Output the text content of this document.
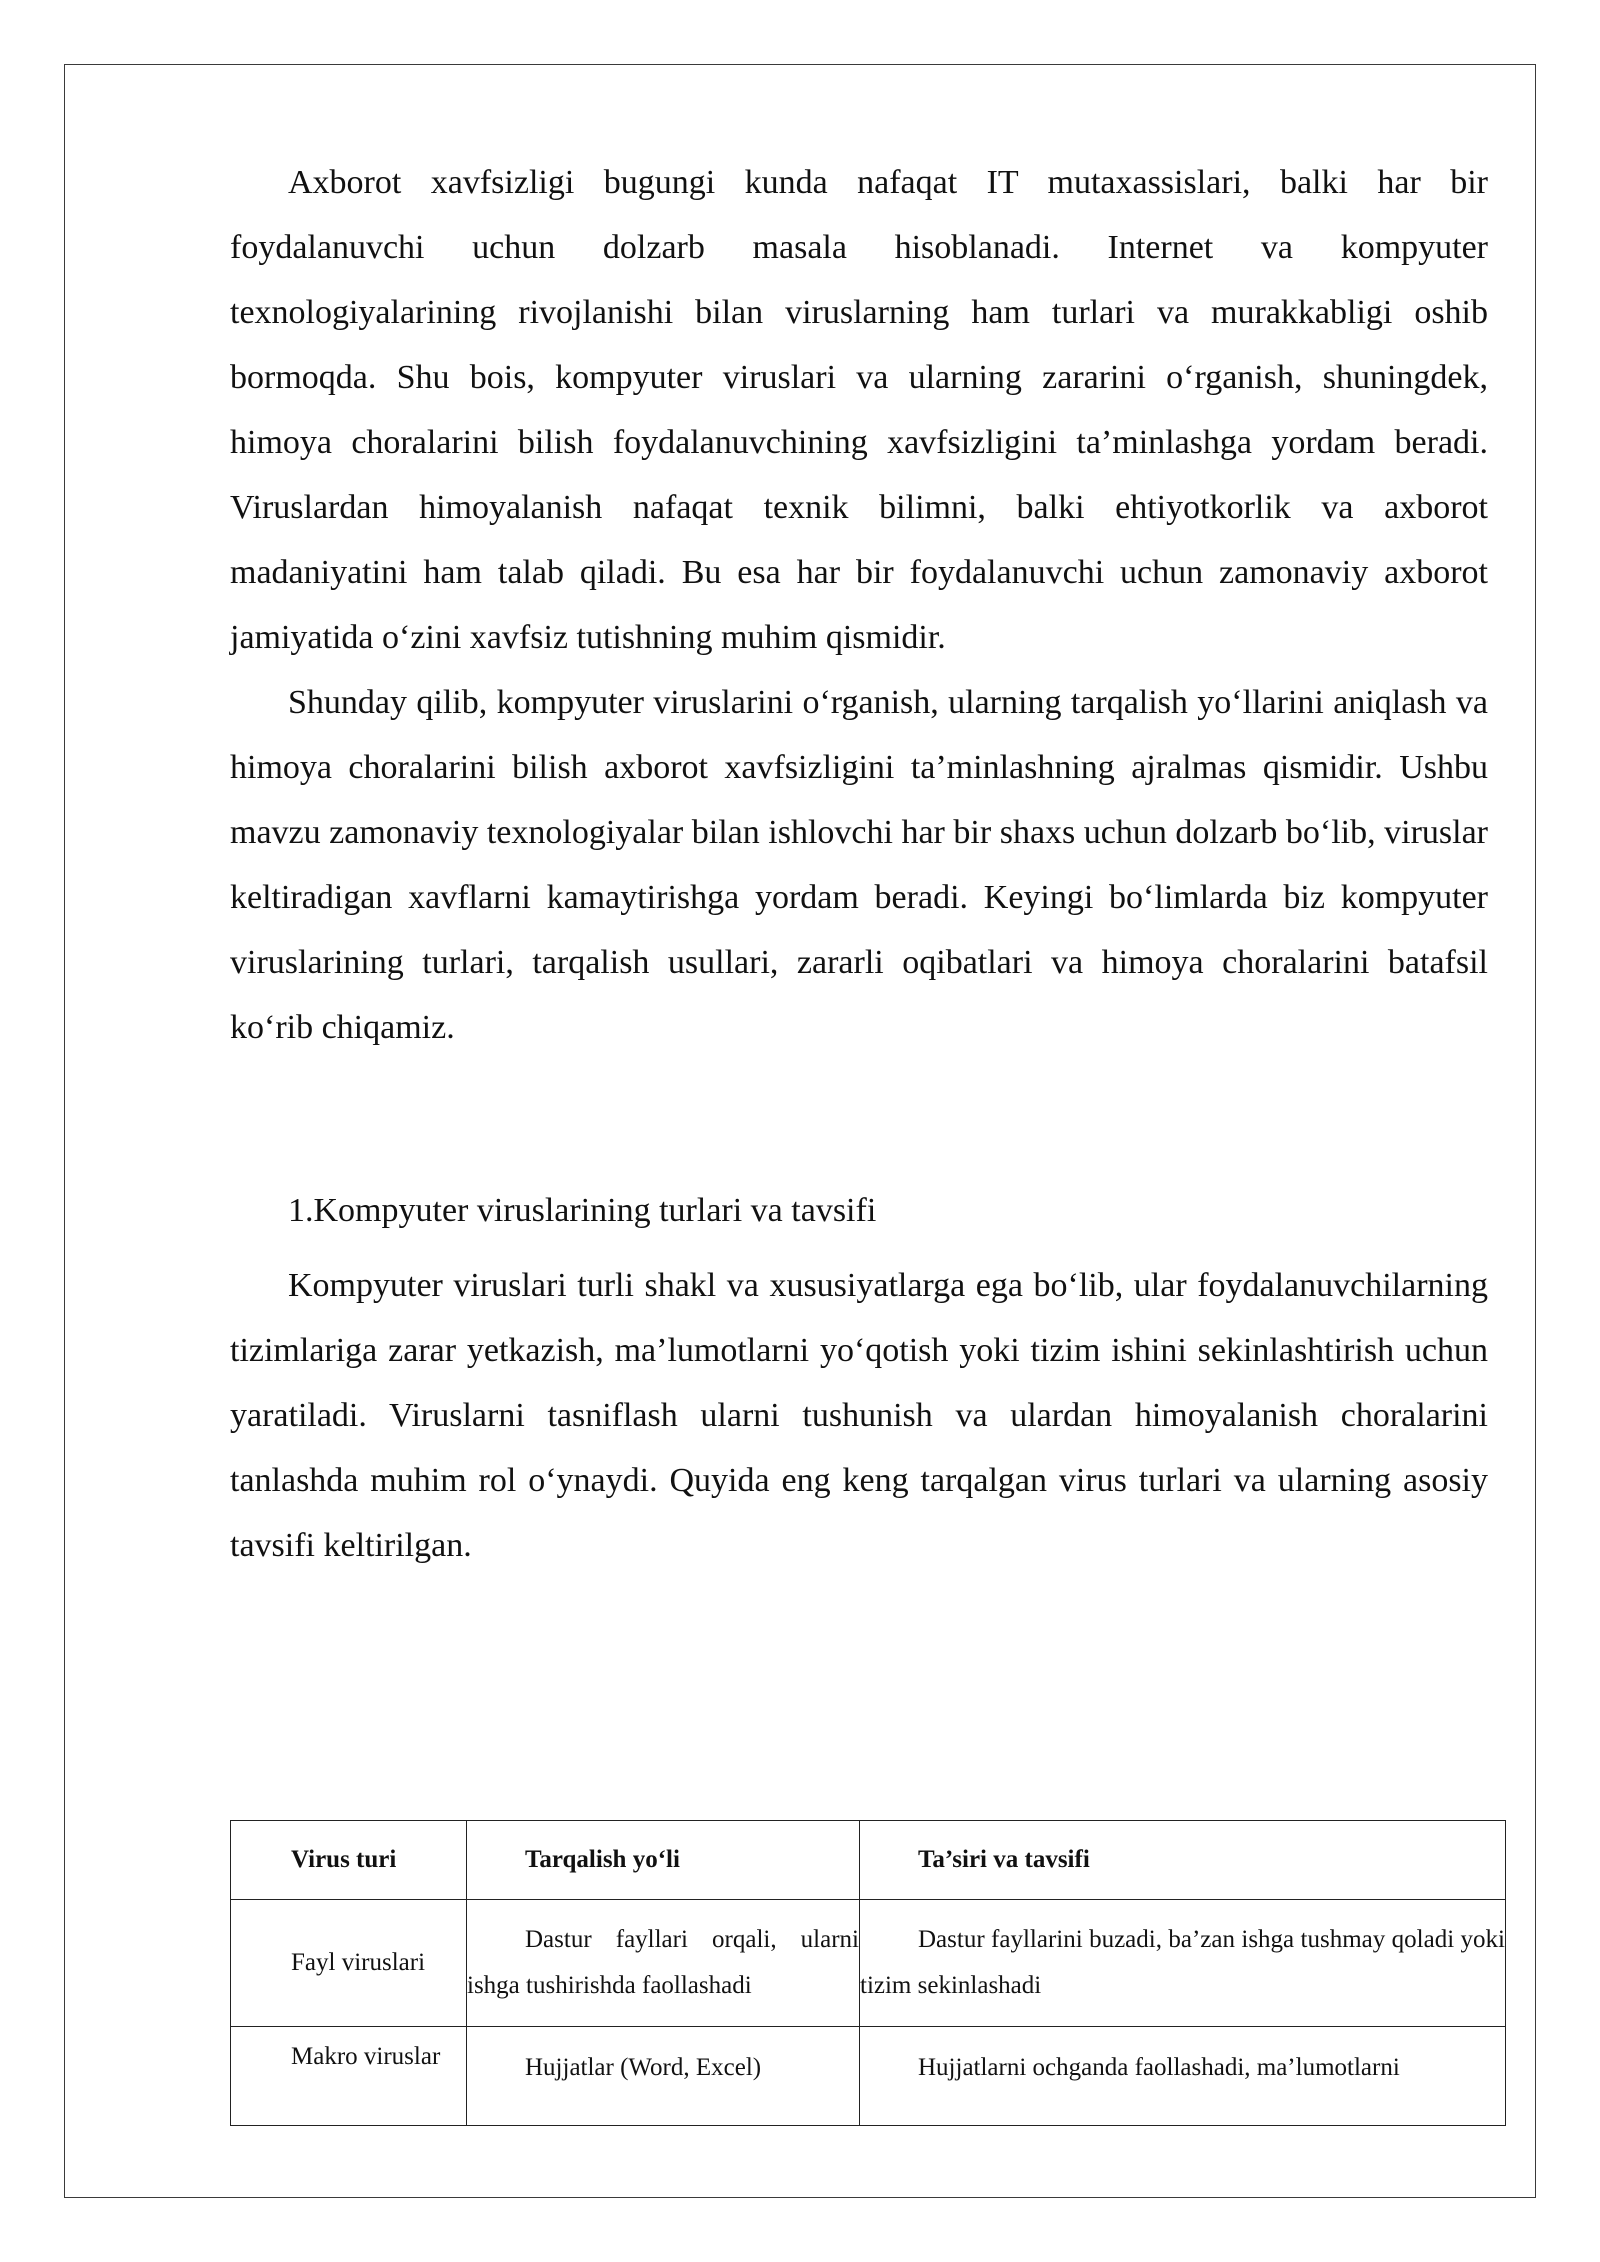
Axborot xavfsizligi bugungi kunda nafaqat IT mutaxassislari, balki har bir foydalanuvchi uchun dolzarb masala hisoblanadi. Internet va kompyuter texnologiyalarining rivojlanishi bilan viruslarning ham turlari va murakkabligi oshib bormoqda. Shu bois, kompyuter viruslari va ularning zararini o‘rganish, shuningdek, himoya choralarini bilish foydalanuvchining xavfsizligini ta’minlashga yordam beradi. Viruslardan himoyalanish nafaqat texnik bilimni, balki ehtiyotkorlik va axborot madaniyatini ham talab qiladi. Bu esa har bir foydalanuvchi uchun zamonaviy axborot jamiyatida o‘zini xavfsiz tutishning muhim qismidir.

Shunday qilib, kompyuter viruslarini o‘rganish, ularning tarqalish yo‘llarini aniqlash va himoya choralarini bilish axborot xavfsizligini ta’minlashning ajralmas qismidir. Ushbu mavzu zamonaviy texnologiyalar bilan ishlovchi har bir shaxs uchun dolzarb bo‘lib, viruslar keltiradigan xavflarni kamaytirishga yordam beradi. Keyingi bo‘limlarda biz kompyuter viruslarining turlari, tarqalish usullari, zararli oqibatlari va himoya choralarini batafsil ko‘rib chiqamiz.

1.Kompyuter viruslarining turlari va tavsifi

Kompyuter viruslari turli shakl va xususiyatlarga ega bo‘lib, ular foydalanuvchilarning tizimlariga zarar yetkazish, ma’lumotlarni yo‘qotish yoki tizim ishini sekinlashtirish uchun yaratiladi. Viruslarni tasniflash ularni tushunish va ulardan himoyalanish choralarini tanlashda muhim rol o‘ynaydi. Quyida eng keng tarqalgan virus turlari va ularning asosiy tavsifi keltirilgan.

Virus turi	Tarqalish yo‘li	Ta’siri va tavsifi
Fayl viruslari	Dastur fayllari orqali, ularni ishga tushirishda faollashadi	Dastur fayllarini buzadi, ba’zan ishga tushmay qoladi yoki tizim sekinlashadi
Makro viruslar	Hujjatlar (Word, Excel)	Hujjatlarni ochganda faollashadi, ma’lumotlarni
